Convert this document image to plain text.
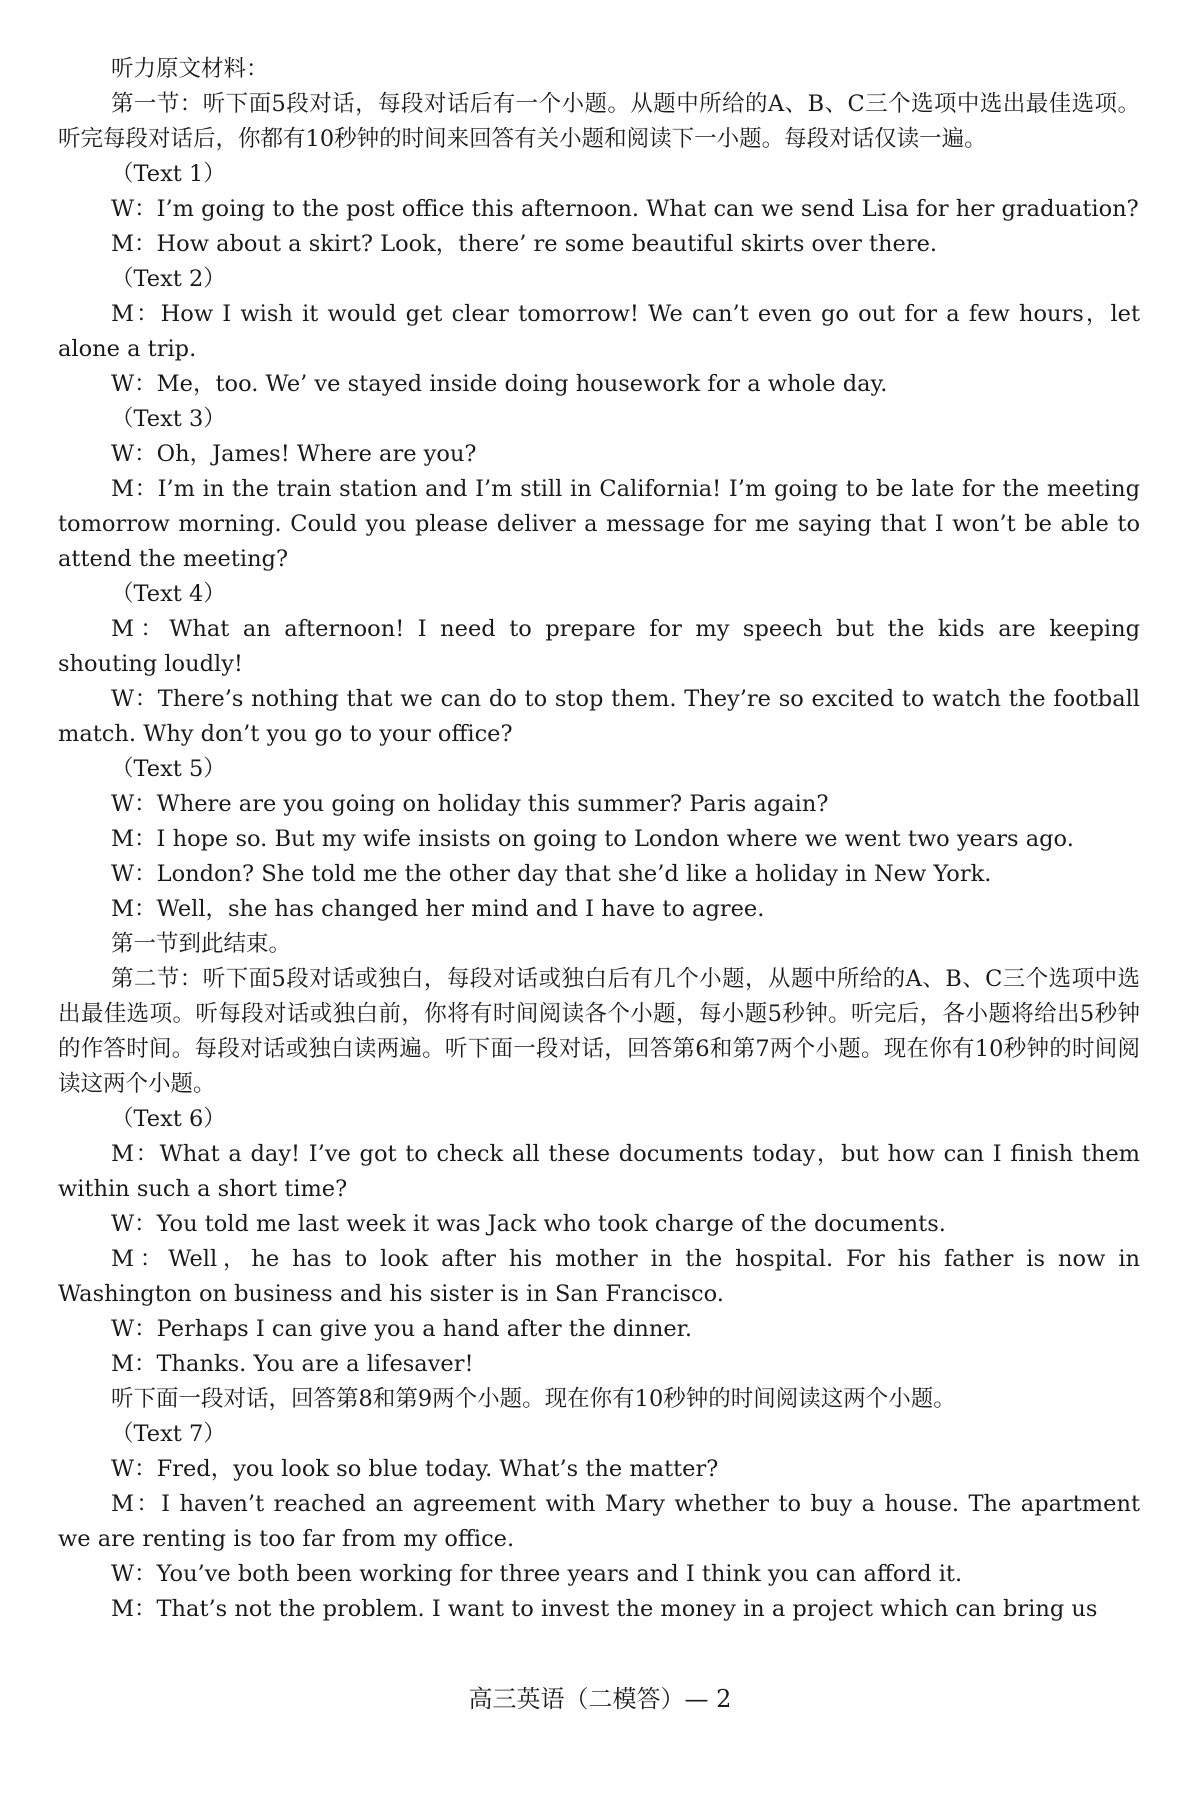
听力原文材料：

第一节：听下面5段对话，每段对话后有一个小题。从题中所给的A、B、C三个选项中选出最佳选项。听完每段对话后，你都有10秒钟的时间来回答有关小题和阅读下一小题。每段对话仅读一遍。

（Text 1）

W：I’m going to the post office this afternoon. What can we send Lisa for her graduation?

M：How about a skirt? Look，there’ re some beautiful skirts over there.

（Text 2）

M：How I wish it would get clear tomorrow! We can’t even go out for a few hours，let alone a trip.

W：Me，too. We’ ve stayed inside doing housework for a whole day.

（Text 3）

W：Oh，James! Where are you?

M：I’m in the train station and I’m still in California! I’m going to be late for the meeting tomorrow morning. Could you please deliver a message for me saying that I won’t be able to attend the meeting?

（Text 4）

M：What an afternoon! I need to prepare for my speech but the kids are keeping shouting loudly!

W：There’s nothing that we can do to stop them. They’re so excited to watch the football match. Why don’t you go to your office?

（Text 5）

W：Where are you going on holiday this summer? Paris again?

M：I hope so. But my wife insists on going to London where we went two years ago.

W：London? She told me the other day that she’d like a holiday in New York.

M：Well，she has changed her mind and I have to agree.

第一节到此结束。

第二节：听下面5段对话或独白，每段对话或独白后有几个小题，从题中所给的A、B、C三个选项中选出最佳选项。听每段对话或独白前，你将有时间阅读各个小题，每小题5秒钟。听完后，各小题将给出5秒钟的作答时间。每段对话或独白读两遍。听下面一段对话，回答第6和第7两个小题。现在你有10秒钟的时间阅读这两个小题。

（Text 6）

M：What a day! I’ve got to check all these documents today，but how can I finish them within such a short time?

W：You told me last week it was Jack who took charge of the documents.

M：Well，he has to look after his mother in the hospital. For his father is now in Washington on business and his sister is in San Francisco.

W：Perhaps I can give you a hand after the dinner.

M：Thanks. You are a lifesaver!

听下面一段对话，回答第8和第9两个小题。现在你有10秒钟的时间阅读这两个小题。

（Text 7）

W：Fred，you look so blue today. What’s the matter?

M：I haven’t reached an agreement with Mary whether to buy a house. The apartment we are renting is too far from my office.

W：You’ve both been working for three years and I think you can afford it.

M：That’s not the problem. I want to invest the money in a project which can bring us

高三英语（二模答）— 2
